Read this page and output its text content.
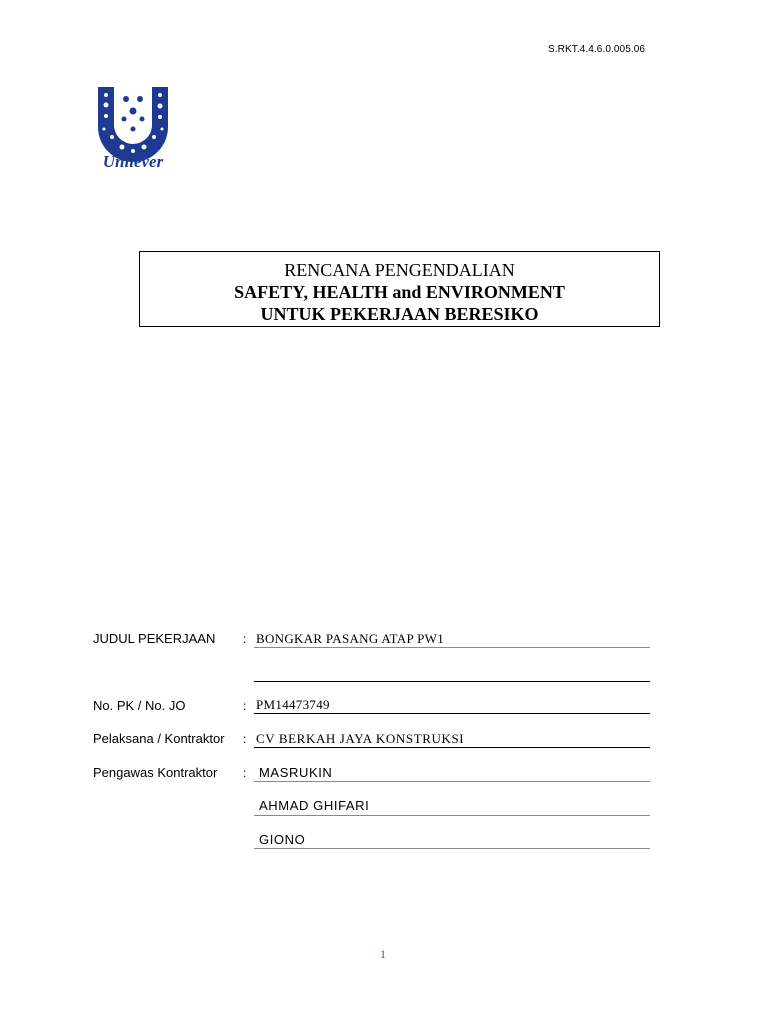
S.RKT.4.4.6.0.005.06
Unilever
RENCANA PENGENDALIAN
SAFETY, HEALTH and ENVIRONMENT
UNTUK PEKERJAAN BERESIKO
JUDUL PEKERJAAN : BONGKAR PASANG ATAP PW1
No. PK / No. JO	: PM14473749
Pelaksana / Kontraktor : CV BERKAH JAYA KONSTRUKSI
Pengawas Kontraktor : MASRUKIN
AHMAD GHIFARI
GIONO
1
